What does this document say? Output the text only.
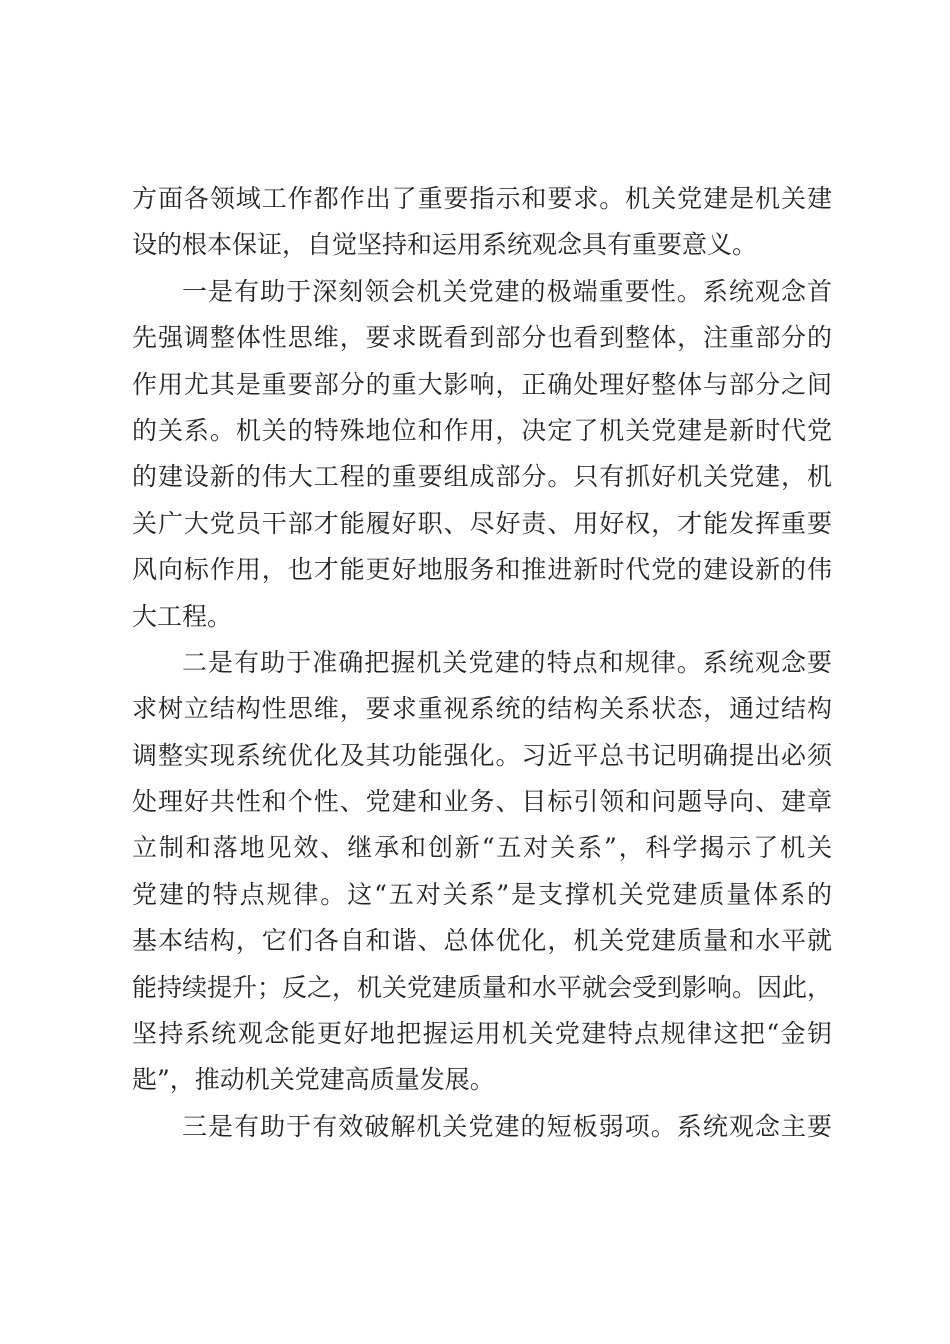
方面各领域工作都作出了重要指示和要求。机关党建是机关建
设的根本保证，自觉坚持和运用系统观念具有重要意义。
一是有助于深刻领会机关党建的极端重要性。系统观念首
先强调整体性思维，要求既看到部分也看到整体，注重部分的
作用尤其是重要部分的重大影响，正确处理好整体与部分之间
的关系。机关的特殊地位和作用，决定了机关党建是新时代党
的建设新的伟大工程的重要组成部分。只有抓好机关党建，机
关广大党员干部才能履好职、尽好责、用好权，才能发挥重要
风向标作用，也才能更好地服务和推进新时代党的建设新的伟
大工程。
二是有助于准确把握机关党建的特点和规律。系统观念要
求树立结构性思维，要求重视系统的结构关系状态，通过结构
调整实现系统优化及其功能强化。习近平总书记明确提出必须
处理好共性和个性、党建和业务、目标引领和问题导向、建章
立制和落地见效、继承和创新“五对关系”，科学揭示了机关
党建的特点规律。这“五对关系”是支撑机关党建质量体系的
基本结构，它们各自和谐、总体优化，机关党建质量和水平就
能持续提升；反之，机关党建质量和水平就会受到影响。因此，
坚持系统观念能更好地把握运用机关党建特点规律这把“金钥
匙”，推动机关党建高质量发展。
三是有助于有效破解机关党建的短板弱项。系统观念主要
